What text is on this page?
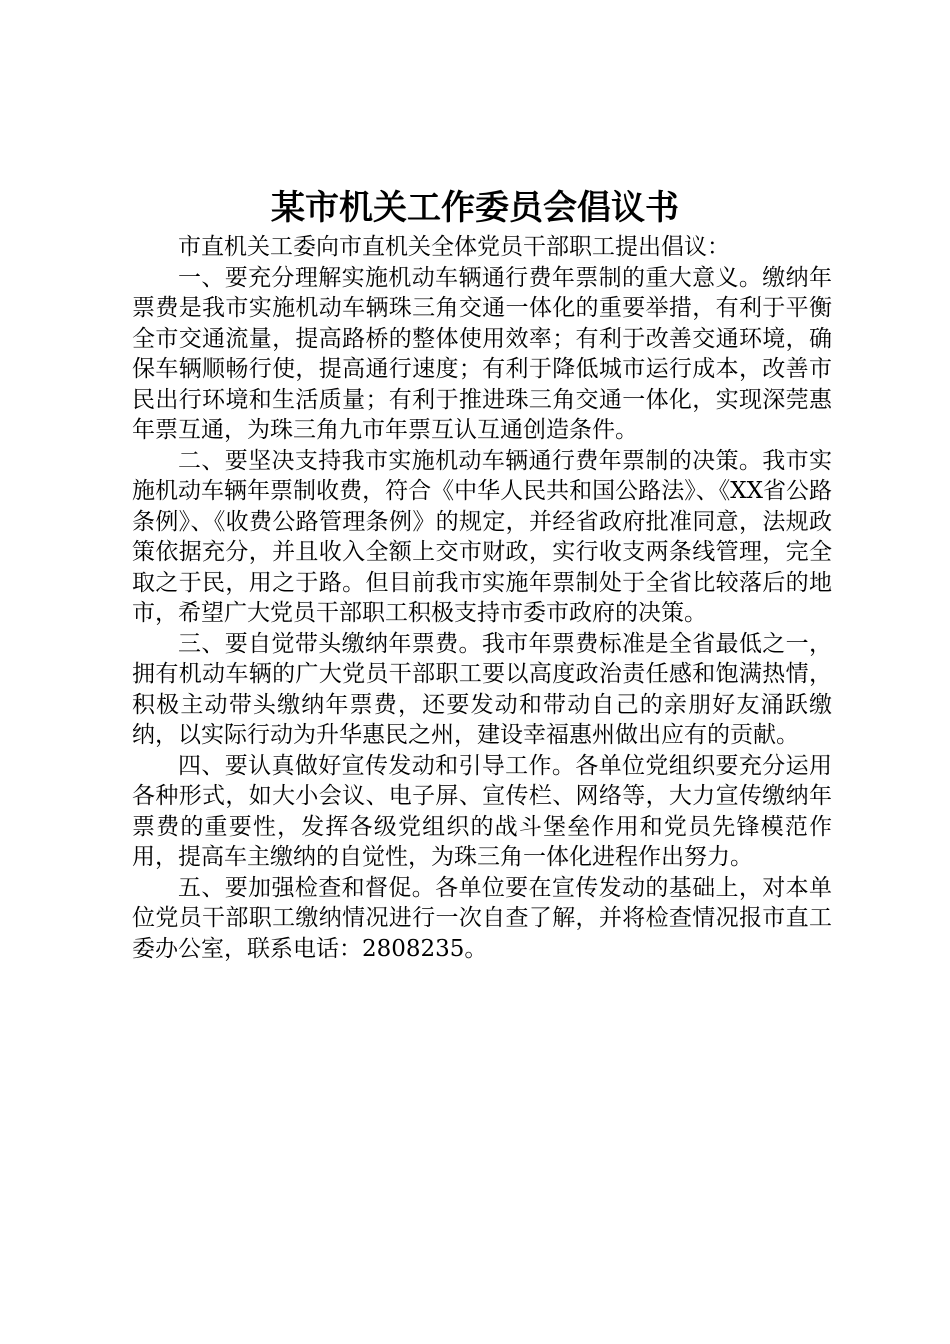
某市机关工作委员会倡议书

市直机关工委向市直机关全体党员干部职工提出倡议：

一、要充分理解实施机动车辆通行费年票制的重大意义。缴纳年票费是我市实施机动车辆珠三角交通一体化的重要举措，有利于平衡全市交通流量，提高路桥的整体使用效率；有利于改善交通环境，确保车辆顺畅行使，提高通行速度；有利于降低城市运行成本，改善市民出行环境和生活质量；有利于推进珠三角交通一体化，实现深莞惠年票互通，为珠三角九市年票互认互通创造条件。

二、要坚决支持我市实施机动车辆通行费年票制的决策。我市实施机动车辆年票制收费，符合《中华人民共和国公路法》、《XX省公路条例》、《收费公路管理条例》的规定，并经省政府批准同意，法规政策依据充分，并且收入全额上交市财政，实行收支两条线管理，完全取之于民，用之于路。但目前我市实施年票制处于全省比较落后的地市，希望广大党员干部职工积极支持市委市政府的决策。

三、要自觉带头缴纳年票费。我市年票费标准是全省最低之一，拥有机动车辆的广大党员干部职工要以高度政治责任感和饱满热情，积极主动带头缴纳年票费，还要发动和带动自己的亲朋好友涌跃缴纳，以实际行动为升华惠民之州，建设幸福惠州做出应有的贡献。

四、要认真做好宣传发动和引导工作。各单位党组织要充分运用各种形式，如大小会议、电子屏、宣传栏、网络等，大力宣传缴纳年票费的重要性，发挥各级党组织的战斗堡垒作用和党员先锋模范作用，提高车主缴纳的自觉性，为珠三角一体化进程作出努力。

五、要加强检查和督促。各单位要在宣传发动的基础上，对本单位党员干部职工缴纳情况进行一次自查了解，并将检查情况报市直工委办公室，联系电话：2808235。
